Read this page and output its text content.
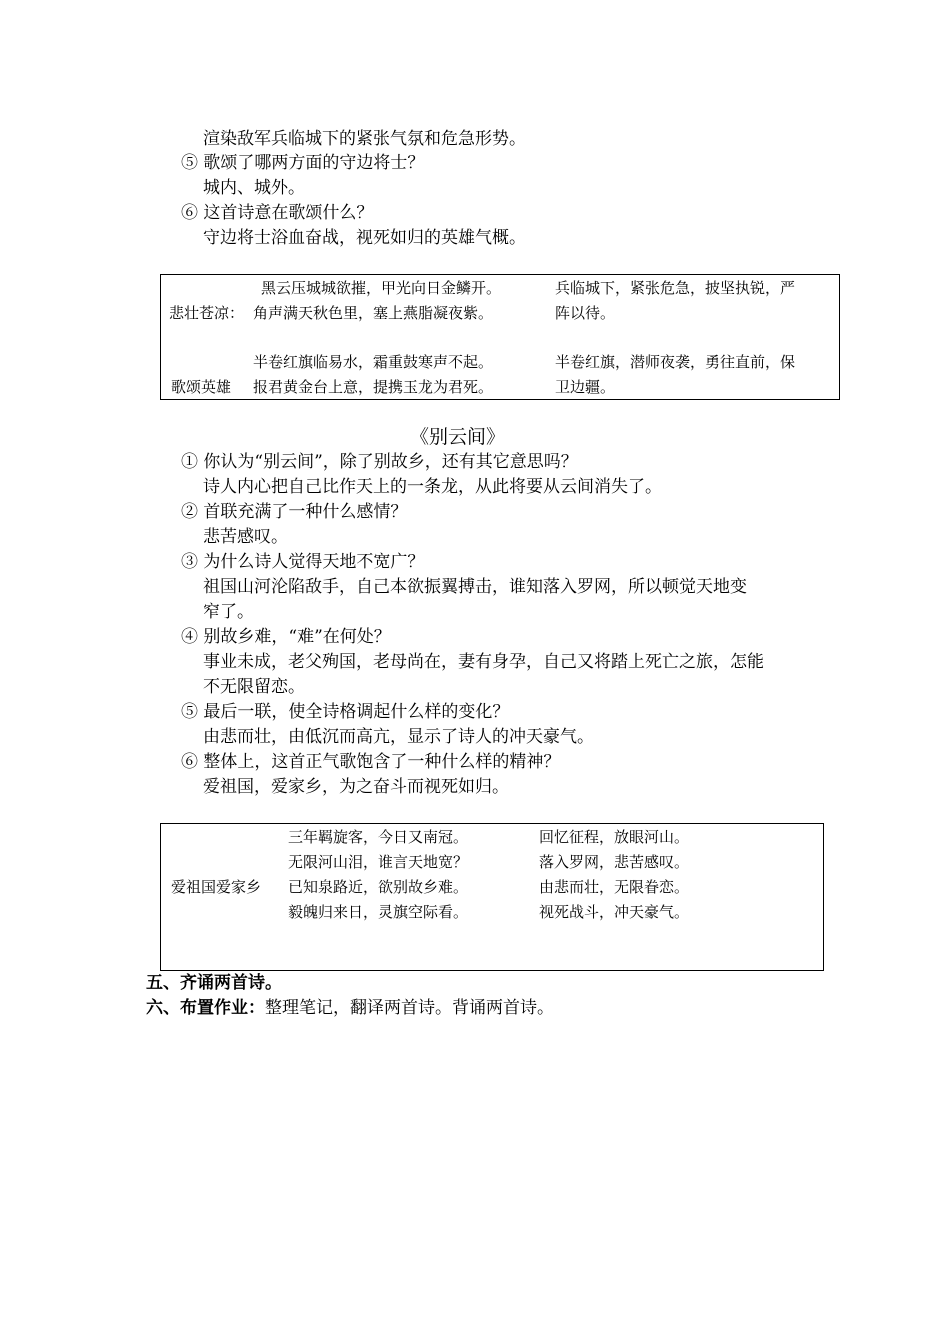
渲染敌军兵临城下的紧张气氛和危急形势。
⑤ 歌颂了哪两方面的守边将士？
城内、城外。
⑥ 这首诗意在歌颂什么？
守边将士浴血奋战，视死如归的英雄气概。
悲壮苍凉：
黑云压城城欲摧，甲光向日金鳞开。
角声满天秋色里，塞上燕脂凝夜紫。
兵临城下，紧张危急，披坚执锐，严
阵以待。
歌颂英雄
半卷红旗临易水，霜重鼓寒声不起。
报君黄金台上意，提携玉龙为君死。
半卷红旗，潜师夜袭，勇往直前，保
卫边疆。
《别云间》
① 你认为“别云间”，除了别故乡，还有其它意思吗？
诗人内心把自己比作天上的一条龙，从此将要从云间消失了。
② 首联充满了一种什么感情？
悲苦感叹。
③ 为什么诗人觉得天地不宽广？
祖国山河沦陷敌手，自己本欲振翼搏击，谁知落入罗网，所以顿觉天地变
窄了。
④ 别故乡难，“难”在何处？
事业未成，老父殉国，老母尚在，妻有身孕，自己又将踏上死亡之旅，怎能
不无限留恋。
⑤ 最后一联，使全诗格调起什么样的变化？
由悲而壮，由低沉而高亢，显示了诗人的冲天豪气。
⑥ 整体上，这首正气歌饱含了一种什么样的精神？
爱祖国，爱家乡，为之奋斗而视死如归。
爱祖国爱家乡
三年羁旋客，今日又南冠。
无限河山泪，谁言天地宽？
已知泉路近，欲别故乡难。
毅魄归来日，灵旗空际看。
回忆征程，放眼河山。
落入罗网，悲苦感叹。
由悲而壮，无限眷恋。
视死战斗，冲天豪气。
五、齐诵两首诗。
六、布置作业：整理笔记，翻译两首诗。背诵两首诗。
